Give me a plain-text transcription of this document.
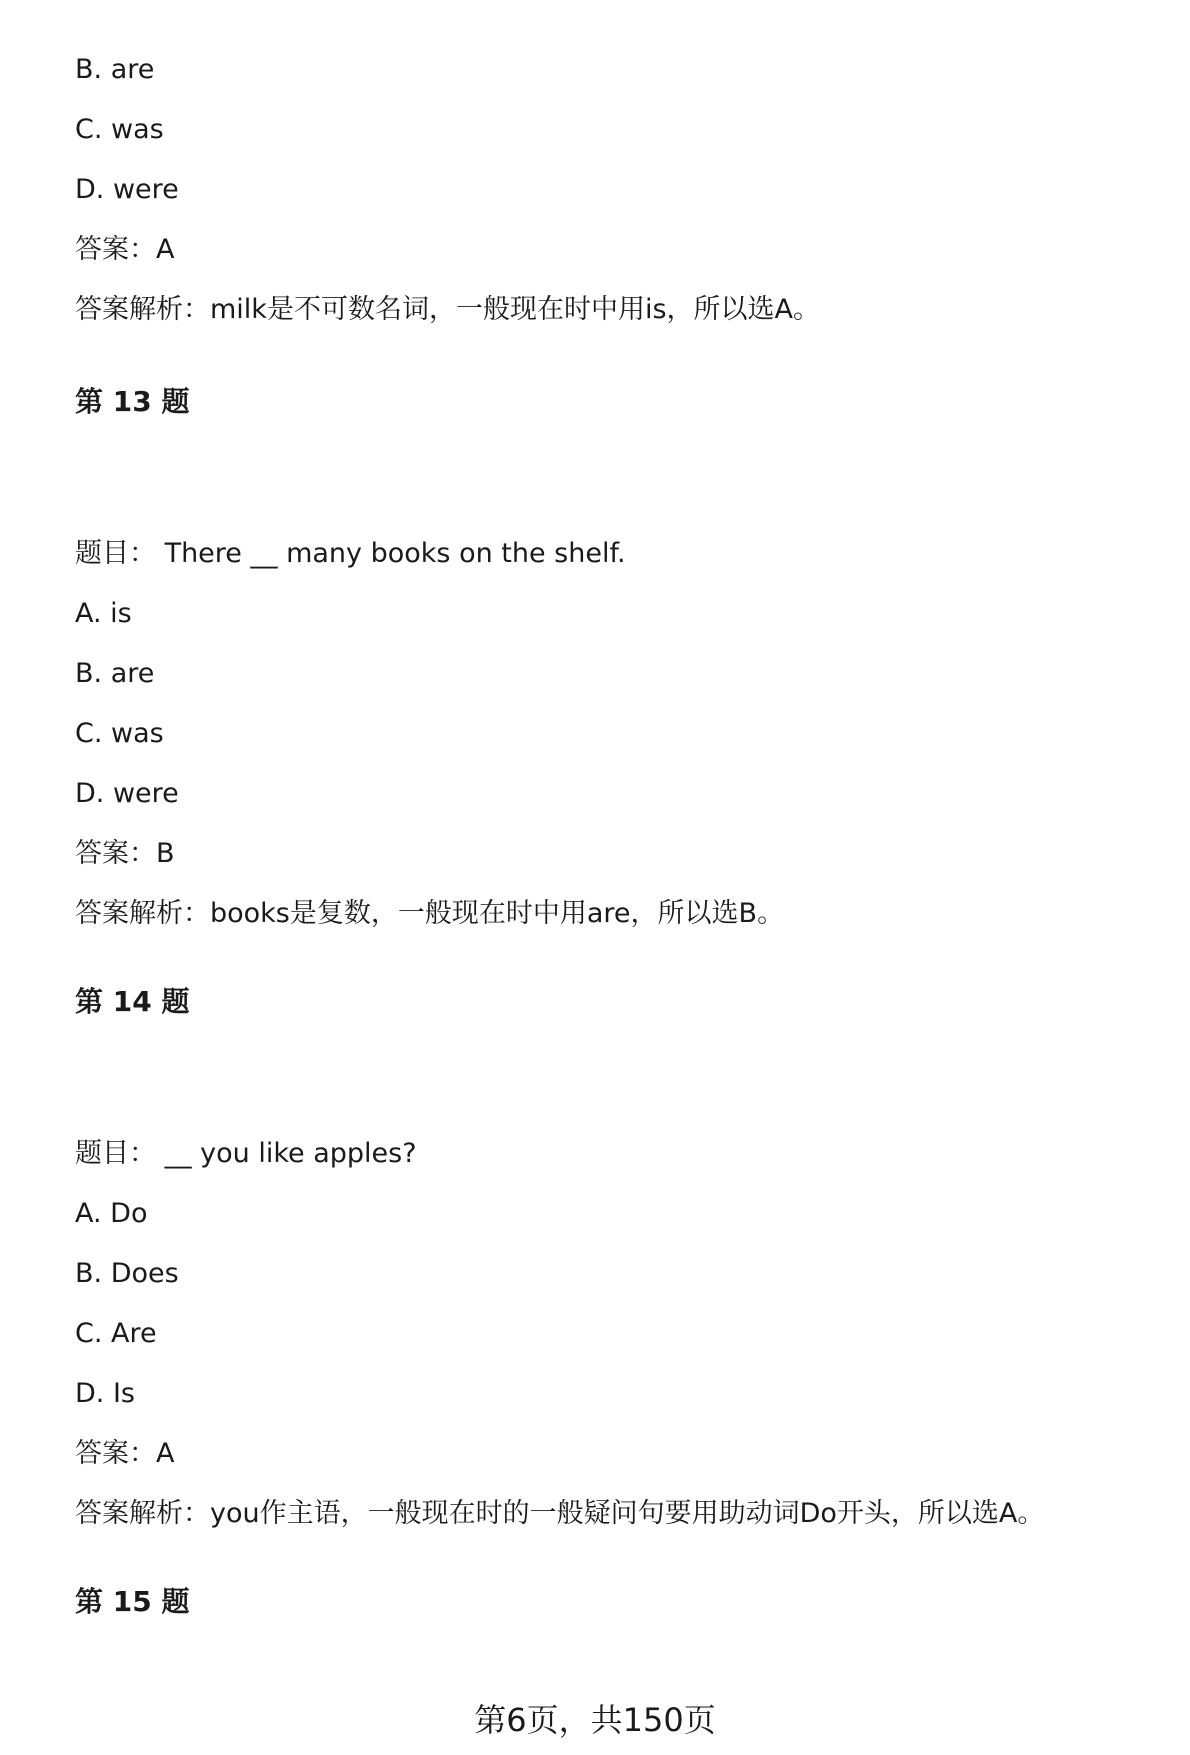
B. are
C. was
D. were
答案：A
答案解析：milk是不可数名词，一般现在时中用is，所以选A。
第 13 题
题目： There __ many books on the shelf.
A. is
B. are
C. was
D. were
答案：B
答案解析：books是复数，一般现在时中用are，所以选B。
第 14 题
题目： __ you like apples?
A. Do
B. Does
C. Are
D. Is
答案：A
答案解析：you作主语，一般现在时的一般疑问句要用助动词Do开头，所以选A。
第 15 题
第6页，共150页
